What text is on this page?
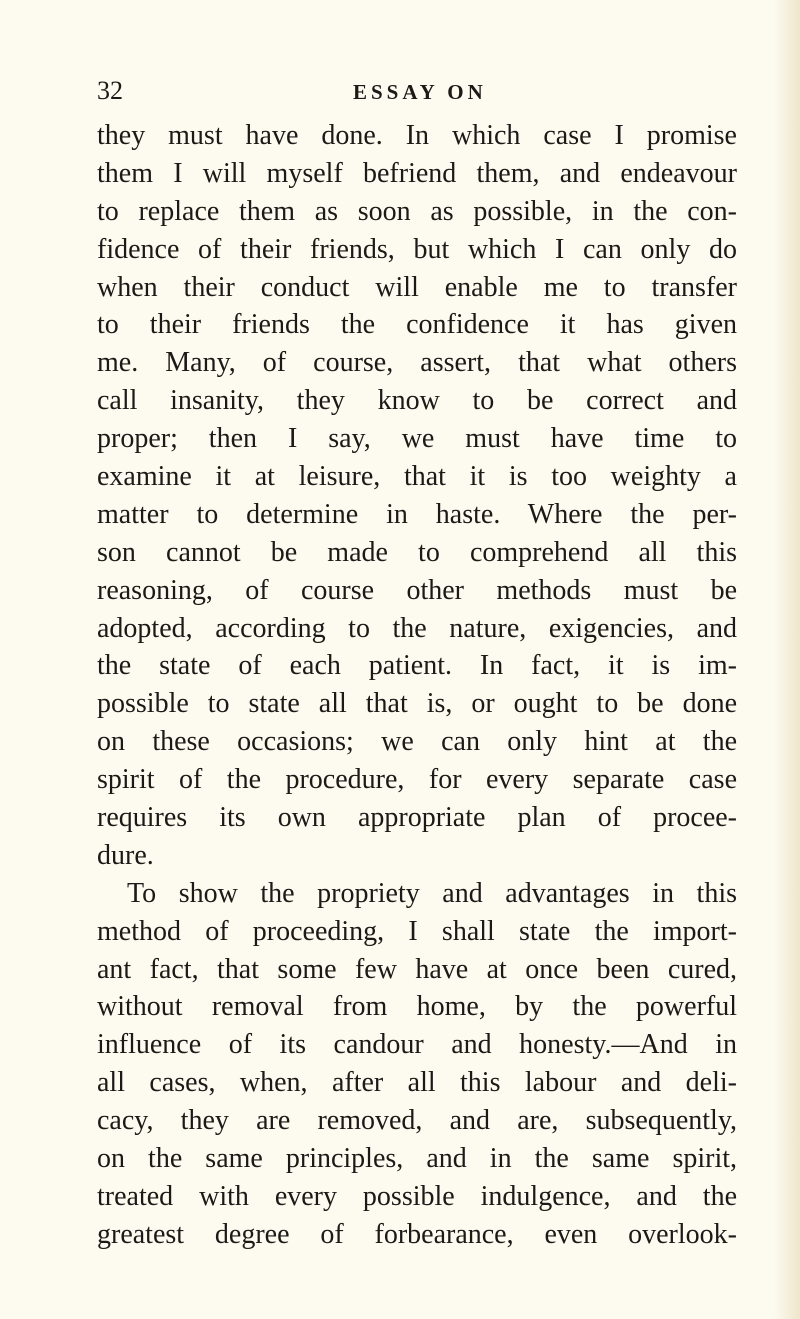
32	ESSAY ON
they must have done. In which case I promise
them I will myself befriend them, and endeavour
to replace them as soon as possible, in the con-
fidence of their friends, but which I can only do
when their conduct will enable me to transfer
to their friends the confidence it has given
me. Many, of course, assert, that what others
call insanity, they know to be correct and
proper; then I say, we must have time to
examine it at leisure, that it is too weighty a
matter to determine in haste. Where the per-
son cannot be made to comprehend all this
reasoning, of course other methods must be
adopted, according to the nature, exigencies, and
the state of each patient. In fact, it is im-
possible to state all that is, or ought to be done
on these occasions; we can only hint at the
spirit of the procedure, for every separate case
requires its own appropriate plan of procee-
dure.
To show the propriety and advantages in this
method of proceeding, I shall state the import-
ant fact, that some few have at once been cured,
without removal from home, by the powerful
influence of its candour and honesty.—And in
all cases, when, after all this labour and deli-
cacy, they are removed, and are, subsequently,
on the same principles, and in the same spirit,
treated with every possible indulgence, and the
greatest degree of forbearance, even overlook-
